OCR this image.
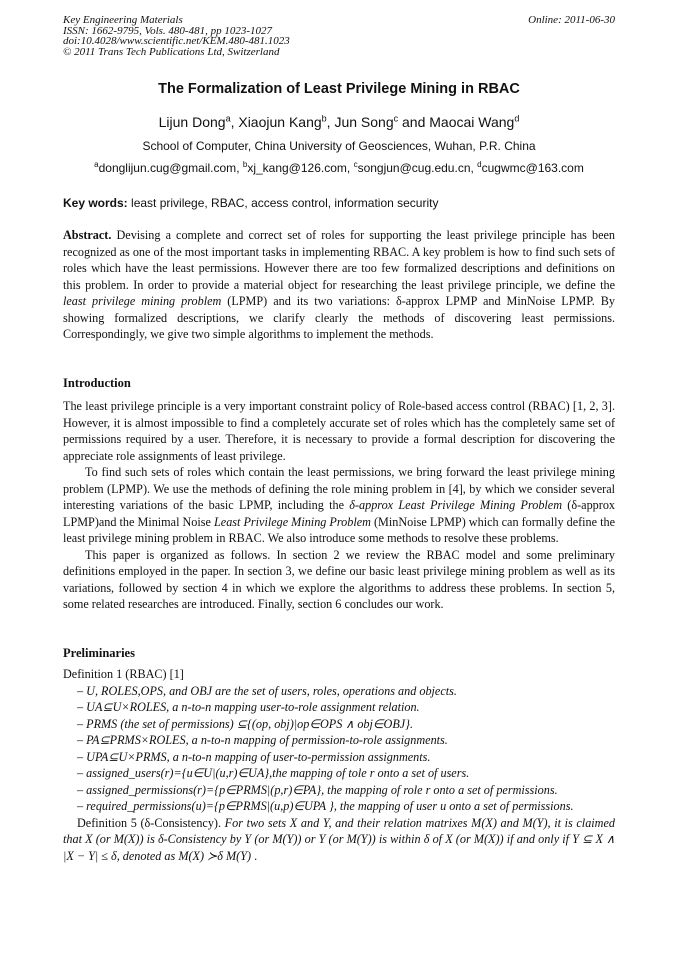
Key Engineering Materials
ISSN: 1662-9795, Vols. 480-481, pp 1023-1027
doi:10.4028/www.scientific.net/KEM.480-481.1023
© 2011 Trans Tech Publications Ltd, Switzerland
Online: 2011-06-30
The Formalization of Least Privilege Mining in RBAC
Lijun Dong$^a$, Xiaojun Kang$^b$, Jun Song$^c$ and Maocai Wang$^d$
School of Computer, China University of Geosciences, Wuhan, P.R. China
$^a$donglijun.cug@gmail.com, $^b$xj_kang@126.com, $^c$songjun@cug.edu.cn, $^d$cugwmc@163.com
Key words: least privilege, RBAC, access control, information security
Abstract. Devising a complete and correct set of roles for supporting the least privilege principle has been recognized as one of the most important tasks in implementing RBAC. A key problem is how to find such sets of roles which have the least permissions. However there are too few formalized descriptions and definitions on this problem. In order to provide a material object for researching the least privilege principle, we define the least privilege mining problem (LPMP) and its two variations: δ-approx LPMP and MinNoise LPMP. By showing formalized descriptions, we clarify clearly the methods of discovering least permissions. Correspondingly, we give two simple algorithms to implement the methods.
Introduction

The least privilege principle is a very important constraint policy of Role-based access control (RBAC) [1, 2, 3]. However, it is almost impossible to find a completely accurate set of roles which has the completely same set of permissions required by a user. Therefore, it is necessary to provide a formal description for discovering the appreciate role assignments of least privilege.

To find such sets of roles which contain the least permissions, we bring forward the least privilege mining problem (LPMP). We use the methods of defining the role mining problem in [4], by which we consider several interesting variations of the basic LPMP, including the δ-approx Least Privilege Mining Problem (δ-approx LPMP)and the Minimal Noise Least Privilege Mining Problem (MinNoise LPMP) which can formally define the least privilege mining problem in RBAC. We also introduce some methods to resolve these problems.

This paper is organized as follows. In section 2 we review the RBAC model and some preliminary definitions employed in the paper. In section 3, we define our basic least privilege mining problem as well as its variations, followed by section 4 in which we explore the algorithms to address these problems. In section 5, some related researches are introduced. Finally, section 6 concludes our work.

Preliminaries

Definition 1 (RBAC) [1]

– U, ROLES,OPS, and OBJ are the set of users, roles, operations and objects.
– UA⊆U×ROLES, a n-to-n mapping user-to-role assignment relation.
– PRMS (the set of permissions) ⊆{(op, obj)|op∈OPS ∧ obj∈OBJ}.
– PA⊆PRMS×ROLES, a n-to-n mapping of permission-to-role assignments.
– UPA⊆U×PRMS, a n-to-n mapping of user-to-permission assignments.
– assigned_users(r)={u∈U|(u,r)∈UA},the mapping of tole r onto a set of users.
– assigned_permissions(r)={p∈PRMS|(p,r)∈PA}, the mapping of role r onto a set of permissions.
– required_permissions(u)={p∈PRMS|(u,p)∈UPA }, the mapping of user u onto a set of permissions.

Definition 5 (δ-Consistency). For two sets X and Y, and their relation matrixes M(X) and M(Y), it is claimed that X (or M(X)) is δ-Consistency by Y (or M(Y)) or Y (or M(Y)) is within δ of X (or M(X)) if and only if Y ⊆ X ∧ |X − Y| ≤ δ, denoted as M(X) ≻δ M(Y) .
